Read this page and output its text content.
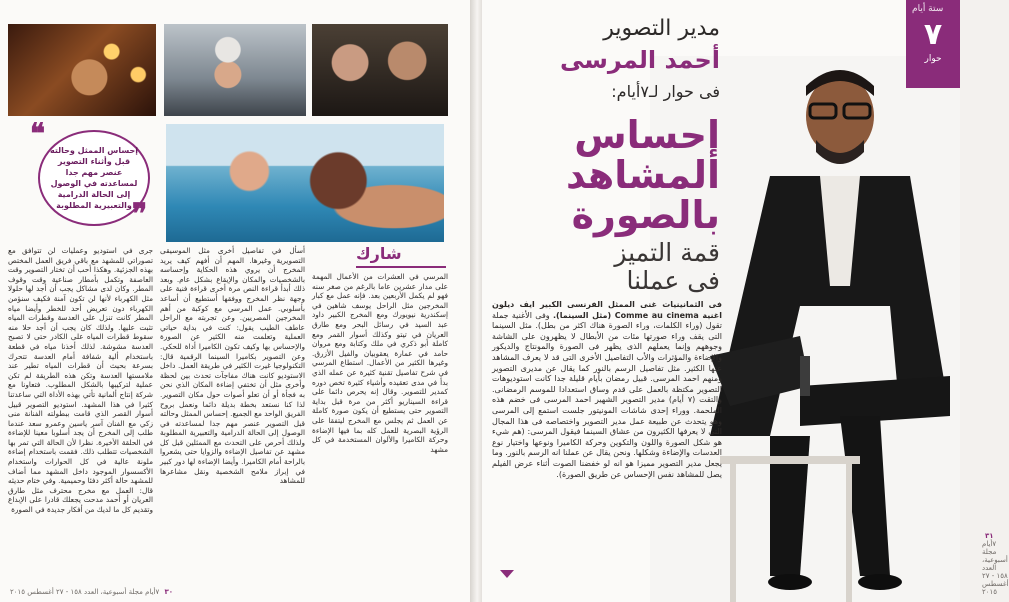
❝

إحساس الممثل وحالته قبل وأثناء التصوير عنصر مهم جدا لمساعدته في الوصول إلى الحالة الدرامية والتعبيرية المطلوبة ❞
شارك
جرى في استوديو وعمليات لن تتوافق مع تصوراتي للمشهد مع باقي فريق العمل المختص بهذه الجزئية. وهكذا أحب أن تختار التصوير وقت العاصفة وتكمل بأمطار صناعية وقت وقوف المطر. وكان لدى مشاكل يجب أن أجد لها حلولا مثل الكهرباء لأنها لن تكون آمنة فكيف سنؤمن الكهرباء دون تعريض أحد للخطر وأيضا مياه المطر كانت تنزل على العدسة وقطرات المياه تثبت عليها. ولذلك كان يجب أن أجد حلا منه سقوط قطرات المياه على الكادر حتى لا تصبح العدسة مشوشة. لذلك أخذنا مياه في قطعة باستخدام ألية شفافة أمام العدسة تتحرك بسرعة بحيث أن قطرات المياه تطير عند ملامستها العدسة وتكن هذه الطريقة لم تكن عملية لتركيبها بالشكل المطلوب. فتعاونا مع شركة إنتاج ألمانية تأتي بهذه الأداة التي ساعدتنا كثيرا في هذا المشهد. استوديو التصوير قبيل أسوار القصر الذي قامت ببطولته الفنانة منى زكي مع الفنان آسر ياسين وعمرو سعد عندما طلب إلى المخرج أن يجد أسلوبا معينا للإضاءة في الحلقة الأخيرة. نظرا لأن الحالة التي تمر بها الشخصيات تتطلب ذلك. فقمت باستخدام إضاءة ملونة عالية في كل الحوارات واستخدام الأكسسوار الموجود داخل المشهد مما أضاف للمشهد حالة أكثر دفئا وحميمية. وفي ختام حديثه قال: العمل مع مخرج محترف مثل طارق العريان أو أحمد مدحت يجعلك قادرا على الإبداع وتقديم كل ما لديك من أفكار جديدة في الصورة
أسأل في تفاصيل أخرى مثل الموسيقى التصويرية وغيرها. المهم أن أفهم كيف يريد المخرج أن يروي هذه الحكاية وإحساسه بالشخصيات والمكان والإيقاع بشكل عام. وبعد ذلك أبدأ قراءة النص مرة أخرى قراءة فنية على وجهة نظر المخرج ووفقها أستطيع أن أساعد بأسلوبي. عمل المرسي مع كوكبة من أهم المخرجين المصريين. وعن تجربته مع الراحل عاطف الطيب يقول: كنت في بداية حياتي العملية وتعلمت منه الكثير عن الصورة والإحساس بها وكيف تكون الكاميرا أداة للحكي. وعن التصوير بكاميرا السينما الرقمية قال: التكنولوجيا غيرت الكثير في طريقة العمل. داخل الاستوديو كانت هناك مفاجآت تحدث بين لحظة وأخرى مثل أن تختفي إضاءة المكان الذي نحن به فجأة أو أن تعلو أصوات حول مكان التصوير. لذا كنا نستعد بخطة بديلة دائما ونعمل بروح الفريق الواحد مع الجميع. إحساس الممثل وحالته قبل التصوير عنصر مهم جدا لمساعدته في الوصول إلى الحالة الدرامية والتعبيرية المطلوبة ولذلك أحرص على التحدث مع الممثلين قبل كل مشهد عن تفاصيل الإضاءة والزوايا حتى يشعروا بالراحة أمام الكاميرا. وأيضا الإضاءة لها دور كبير في إبراز ملامح الشخصية ونقل مشاعرها للمشاهد
المرسي في العشرات من الأعمال المهمة على مدار عشرين عاما بالرغم من صغر سنه فهو لم يكمل الأربعين بعد. فإنه عمل مع كبار المخرجين مثل الراحل يوسف شاهين في إسكندرية نيويورك ومع المخرج الكبير داود عبد السيد في رسائل البحر ومع طارق العريان في تيتو وكذلك أسوار القمر ومع كاملة أبو ذكري في ملك وكتابة ومع مروان حامد في عمارة يعقوبيان والفيل الأزرق. وغيرها الكثير من الأعمال. استطاع المرسي في شرح تفاصيل تقنية كثيرة عن عمله الذي بدأ في مدى تعقيده وأشياء كثيرة تخص دوره كمدير للتصوير. وقال إنه يحرص دائما على قراءة السيناريو أكثر من مرة قبل بداية التصوير حتى يستطيع أن يكون صورة كاملة عن العمل ثم يجلس مع المخرج ليتفقا على الرؤية البصرية للعمل كله بما فيها الإضاءة وحركة الكاميرا والألوان المستخدمة في كل مشهد
٣٠ ٧أيام مجلة أسبوعية، العدد ١٥٨ - ٢٧ أغسطس ٢٠١٥
ستة أيام
٧
حوار
مدير التصوير
أحمد المرسى
فى حوار لـ٧أيام:
إحساس
المشاهد
بالصورة
قمة التميز
فى عملنا
فى الثمانينيات غنى الممثل الفرنسى الكبير ايف ديلون اغنية Comme au cinema (مثل السينما). وفى الأغنية جملة تقول (وراء الكلمات، وراء الصورة هناك اكثر من بطل). مثل السينما التى يقف وراء صورتها مئات من الأبطال لا يظهرون على الشاشة وجوههم وإنما يعملهم الذى يظهر فى الصورة والمونتاج والديكور والإضاءة والمؤثرات والأب التفاصيل الأخرى التى قد لا يعرف المشاهد عنها الكثير. مثل تفاصيل الرسم بالنور كما يقال عن مديرى التصوير ومنهم احمد المرسى. قبيل رمضان بأيام قليلة جدا كانت استوديوهات التصوير مكتظة بالعمل على قدم وساق استعدادا للموسم الرمضانى. والتقت (٧ أيام) مدير التصوير الشهير احمد المرسى فى خضم هذه الملحمة. ووراء إحدى شاشات المونيتور جلست استمع إلى المرسى وهو يتحدث عن طبيعة عمل مدير التصوير واختصاصه فى هذا المجال التى لا يعرفها الكثيرون من عشاق السينما فيقول المرسى: (هم شيء هو شكل الصورة واللون والتكوين وحركة الكاميرا ونوعها واختيار نوع العدسات والإضاءة وشكلها. ونحن يقال عن عملنا انه الرسم بالنور. وما يجعل مدير التصوير مميزا هو انه لو خفضنا الصوت أثناء عرض الفيلم يصل للمشاهد نفس الإحساس عن طريق الصورة).
٣١ ٧أيام مجلة أسبوعية، العدد ١٥٨ - ٢٧ أغسطس ٢٠١٥
